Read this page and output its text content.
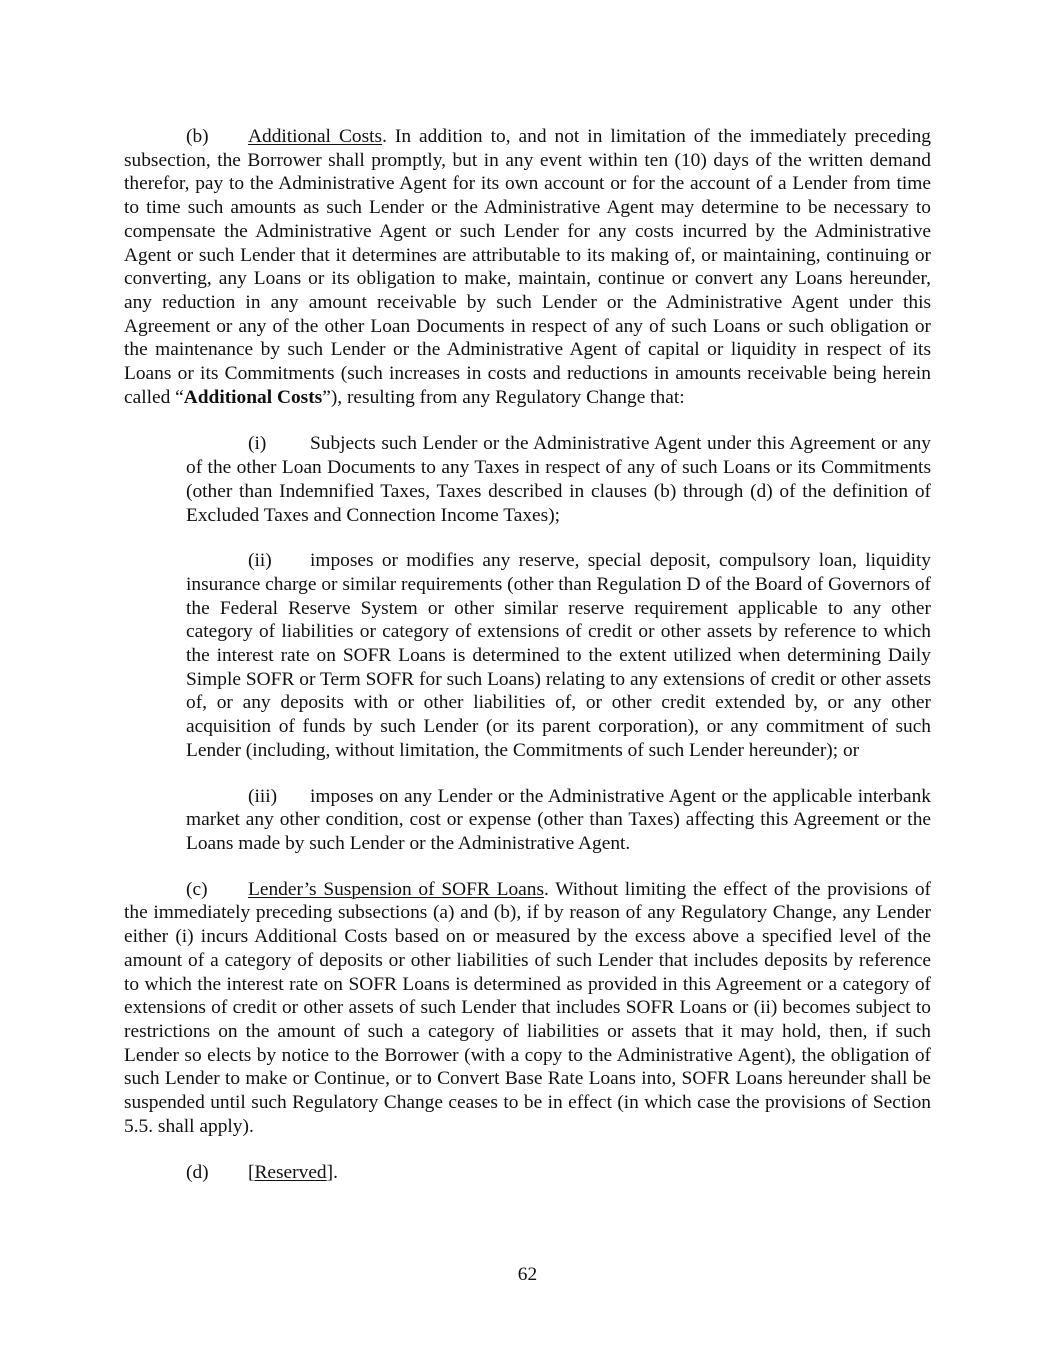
(b) Additional Costs. In addition to, and not in limitation of the immediately preceding subsection, the Borrower shall promptly, but in any event within ten (10) days of the written demand therefor, pay to the Administrative Agent for its own account or for the account of a Lender from time to time such amounts as such Lender or the Administrative Agent may determine to be necessary to compensate the Administrative Agent or such Lender for any costs incurred by the Administrative Agent or such Lender that it determines are attributable to its making of, or maintaining, continuing or converting, any Loans or its obligation to make, maintain, continue or convert any Loans hereunder, any reduction in any amount receivable by such Lender or the Administrative Agent under this Agreement or any of the other Loan Documents in respect of any of such Loans or such obligation or the maintenance by such Lender or the Administrative Agent of capital or liquidity in respect of its Loans or its Commitments (such increases in costs and reductions in amounts receivable being herein called “Additional Costs”), resulting from any Regulatory Change that:

(i) Subjects such Lender or the Administrative Agent under this Agreement or any of the other Loan Documents to any Taxes in respect of any of such Loans or its Commitments (other than Indemnified Taxes, Taxes described in clauses (b) through (d) of the definition of Excluded Taxes and Connection Income Taxes);

(ii) imposes or modifies any reserve, special deposit, compulsory loan, liquidity insurance charge or similar requirements (other than Regulation D of the Board of Governors of the Federal Reserve System or other similar reserve requirement applicable to any other category of liabilities or category of extensions of credit or other assets by reference to which the interest rate on SOFR Loans is determined to the extent utilized when determining Daily Simple SOFR or Term SOFR for such Loans) relating to any extensions of credit or other assets of, or any deposits with or other liabilities of, or other credit extended by, or any other acquisition of funds by such Lender (or its parent corporation), or any commitment of such Lender (including, without limitation, the Commitments of such Lender hereunder); or

(iii) imposes on any Lender or the Administrative Agent or the applicable interbank market any other condition, cost or expense (other than Taxes) affecting this Agreement or the Loans made by such Lender or the Administrative Agent.

(c) Lender’s Suspension of SOFR Loans. Without limiting the effect of the provisions of the immediately preceding subsections (a) and (b), if by reason of any Regulatory Change, any Lender either (i) incurs Additional Costs based on or measured by the excess above a specified level of the amount of a category of deposits or other liabilities of such Lender that includes deposits by reference to which the interest rate on SOFR Loans is determined as provided in this Agreement or a category of extensions of credit or other assets of such Lender that includes SOFR Loans or (ii) becomes subject to restrictions on the amount of such a category of liabilities or assets that it may hold, then, if such Lender so elects by notice to the Borrower (with a copy to the Administrative Agent), the obligation of such Lender to make or Continue, or to Convert Base Rate Loans into, SOFR Loans hereunder shall be suspended until such Regulatory Change ceases to be in effect (in which case the provisions of Section 5.5. shall apply).

(d) [Reserved].

62
